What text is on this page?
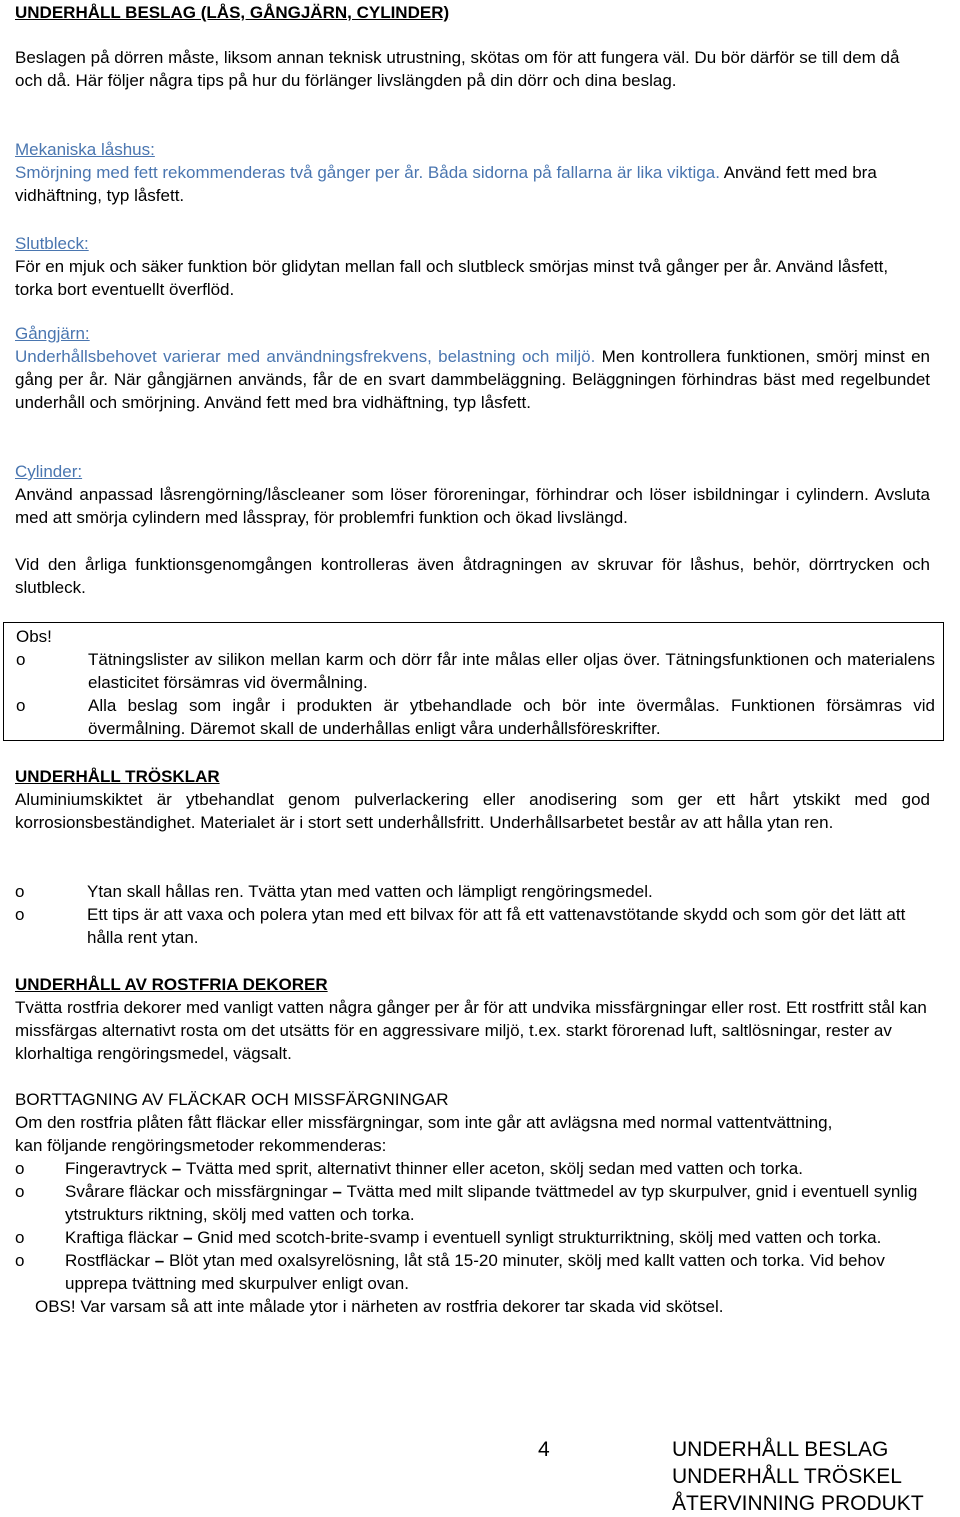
UNDERHÅLL BESLAG (LÅS, GÅNGJÄRN, CYLINDER)

Beslagen på dörren måste, liksom annan teknisk utrustning, skötas om för att fungera väl. Du bör därför se till dem då och då. Här följer några tips på hur du förlänger livslängden på din dörr och dina beslag.

Mekaniska låshus:

Smörjning med fett rekommenderas två gånger per år. Båda sidorna på fallarna är lika viktiga. Använd fett med bra vidhäftning, typ låsfett.

Slutbleck:

För en mjuk och säker funktion bör glidytan mellan fall och slutbleck smörjas minst två gånger per år. Använd låsfett, torka bort eventuellt överflöd.

Gångjärn:

Underhållsbehovet varierar med användningsfrekvens, belastning och miljö. Men kontrollera funktionen, smörj minst en gång per år. När gångjärnen används, får de en svart dammbeläggning. Beläggningen förhindras bäst med regelbundet underhåll och smörjning. Använd fett med bra vidhäftning, typ låsfett.

Cylinder:

Använd anpassad låsrengörning/låscleaner som löser föroreningar, förhindrar och löser isbildningar i cylindern. Avsluta med att smörja cylindern med låsspray, för problemfri funktion och ökad livslängd.

Vid den årliga funktionsgenomgången kontrolleras även åtdragningen av skruvar för låshus, behör, dörrtrycken och slutbleck.

Obs!
o	Tätningslister av silikon mellan karm och dörr får inte målas eller oljas över. Tätningsfunktionen och materialens elasticitet försämras vid övermålning.
o	Alla beslag som ingår i produkten är ytbehandlade och bör inte övermålas. Funktionen försämras vid övermålning. Däremot skall de underhållas enligt våra underhållsföreskrifter.
UNDERHÅLL TRÖSKLAR

Aluminiumskiktet är ytbehandlat genom pulverlackering eller anodisering som ger ett hårt ytskikt med god korrosionsbeständighet. Materialet är i stort sett underhållsfritt. Underhållsarbetet består av att hålla ytan ren.

o	Ytan skall hållas ren. Tvätta ytan med vatten och lämpligt rengöringsmedel.
o	Ett tips är att vaxa och polera ytan med ett bilvax för att få ett vattenavstötande skydd och som gör det lätt att hålla rent ytan.
UNDERHÅLL AV ROSTFRIA DEKORER

Tvätta rostfria dekorer med vanligt vatten några gånger per år för att undvika missfärgningar eller rost. Ett rostfritt stål kan missfärgas alternativt rosta om det utsätts för en aggressivare miljö, t.ex. starkt förorenad luft, saltlösningar, rester av klorhaltiga rengöringsmedel, vägsalt.

BORTTAGNING AV FLÄCKAR OCH MISSFÄRGNINGAR

Om den rostfria plåten fått fläckar eller missfärgningar, som inte går att avlägsna med normal vattentvättning, kan följande rengöringsmetoder rekommenderas:

o Fingeravtryck – Tvätta med sprit, alternativt thinner eller aceton, skölj sedan med vatten och torka.
o Svårare fläckar och missfärgningar – Tvätta med milt slipande tvättmedel av typ skurpulver, gnid i eventuell synlig ytstrukturs riktning, skölj med vatten och torka.
o Kraftiga fläckar – Gnid med scotch-brite-svamp i eventuell synligt strukturriktning, skölj med vatten och torka.
o Rostfläckar – Blöt ytan med oxalsyrelösning, låt stå 15-20 minuter, skölj med kallt vatten och torka. Vid behov upprepa tvättning med skurpulver enligt ovan.

OBS! Var varsam så att inte målade ytor i närheten av rostfria dekorer tar skada vid skötsel.

4	UNDERHÅLL BESLAG
UNDERHÅLL TRÖSKEL
ÅTERVINNING PRODUKT
